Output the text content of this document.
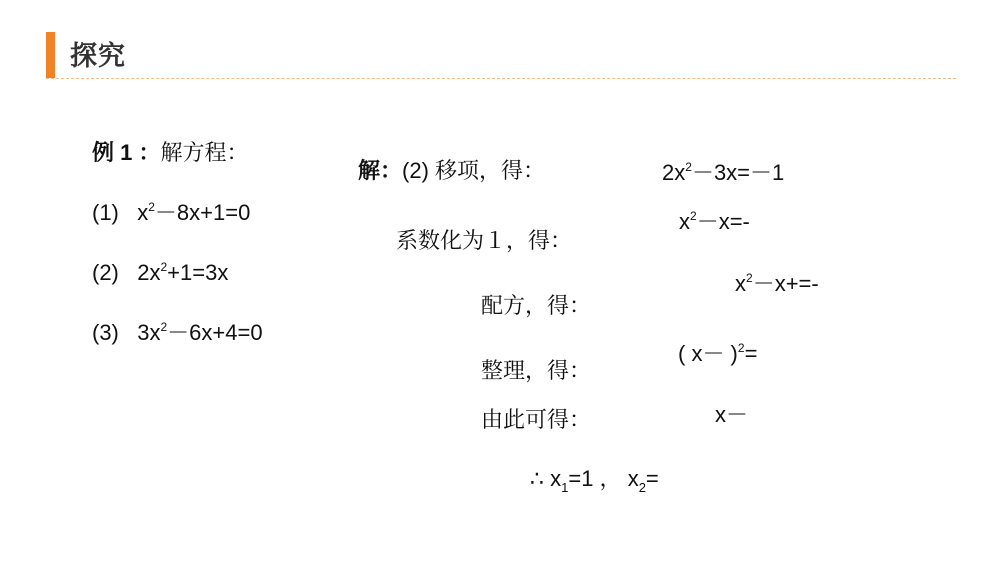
探究
例 1 ：解方程：
(1) $x^2-8x+1=0$
(2) $2x^2+1=3x$
(3) $3x^2-6x+4=0$
解：(2) 移项，得：	$2x^2-3x=-1$
系数化为１，得：
$x^2-x=-$
配方，得：
$x^2-x+=-$
整理，得：
( x－ )$^2$=
由此可得：	x－
∴ $x_1=1$ ， $x_2=$
